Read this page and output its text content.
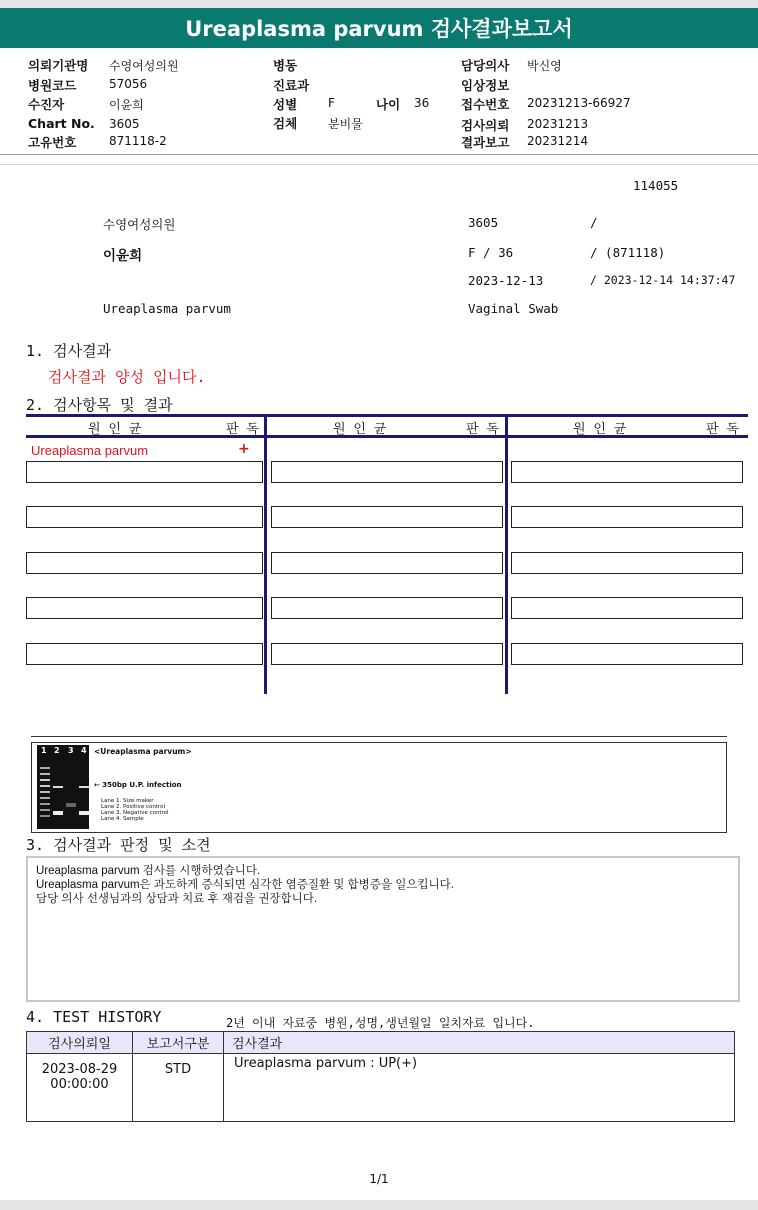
Ureaplasma parvum 검사결과보고서
의뢰기관명 수영여성의원
병원코드	57056
수진자	이윤희
Chart No. 3605
고유번호	871118-2
병동
진료과
성별	F	나이 36
검체	분비물
담당의사 박신영
임상정보
접수번호 20231213-66927
검사의뢰 20231213
결과보고 20231214
114055
수영여성의원	3605	/
이윤희	F / 36	/ (871118)
2023-12-13	/ 2023-12-14 14:37:47
Ureaplasma parvum	Vaginal Swab
1. 검사결과
검사결과 양성 입니다.
2. 검사항목 및 결과
원 인 균	판 독	원 인 균	판 독	원 인 균	판 독
Ureaplasma parvum	+
1 2 3 4 <Ureaplasma parvum>
← 350bp U.P. infection
Lane 1. Size maker
Lane 2. Positive control
Lane 3. Negative control
Lane 4. Sample
3. 검사결과 판정 및 소견
Ureaplasma parvum 검사를 시행하였습니다.
Ureaplasma parvum은 과도하게 증식되면 심각한 염증질환 및 합병증을 일으킵니다.
담당 의사 선생님과의 상담과 치료 후 재검을 권장합니다.
4. TEST HISTORY	2년 이내 자료중 병원,성명,생년월일 일치자료 입니다.
검사의뢰일	보고서구분	검사결과

2023-08-29
00:00:00	STD	Ureaplasma parvum : UP(+)
1/1
